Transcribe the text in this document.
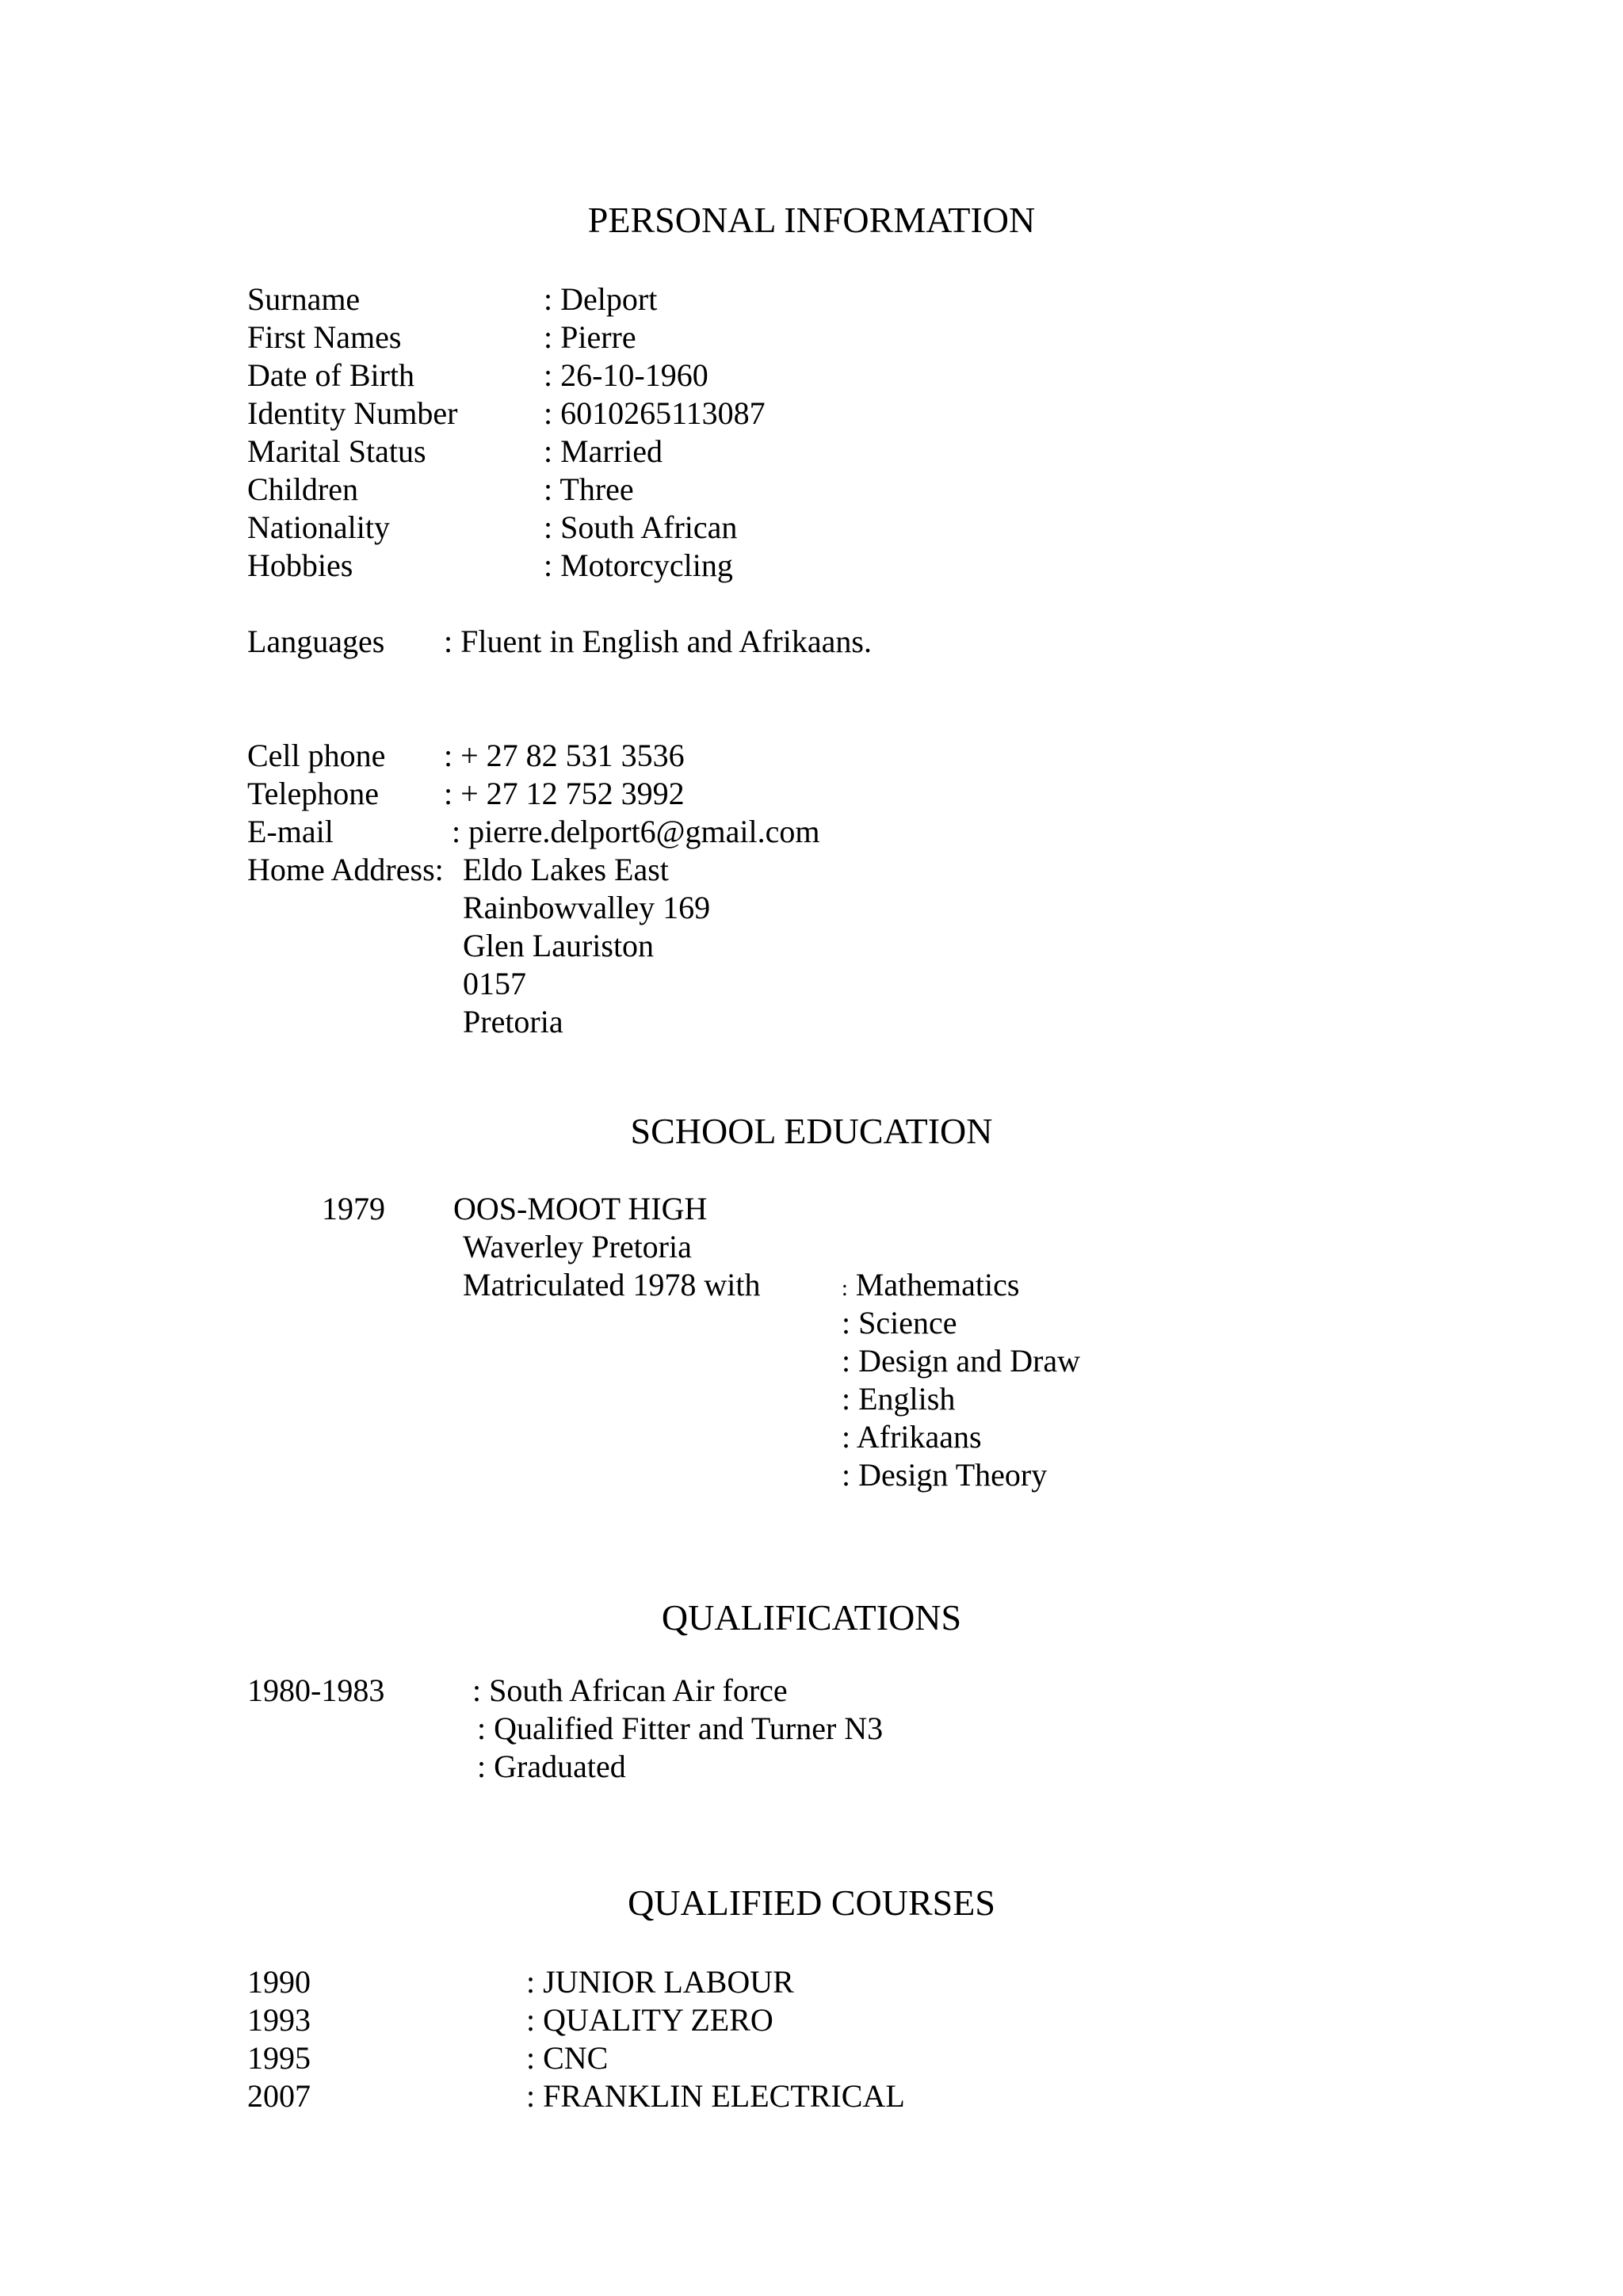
PERSONAL INFORMATION
Surname	: Delport
First Names	: Pierre
Date of Birth	: 26-10-1960
Identity Number	: 6010265113087
Marital Status	: Married
Children	: Three
Nationality	: South African
Hobbies	: Motorcycling
Languages : Fluent in English and Afrikaans.
Cell phone : + 27 82 531 3536
Telephone : + 27 12 752 3992
E-mail	: pierre.delport6@gmail.com
Home Address: Eldo Lakes East
Rainbowvalley 169
Glen Lauriston
0157
Pretoria
SCHOOL EDUCATION
1979 OOS-MOOT HIGH
Waverley Pretoria
Matriculated 1978 with	: Mathematics
: Science
: Design and Draw
: English
: Afrikaans
: Design Theory
QUALIFICATIONS
1980-1983	: South African Air force
: Qualified Fitter and Turner N3
: Graduated
QUALIFIED COURSES
1990	: JUNIOR LABOUR
1993	: QUALITY ZERO
1995	: CNC
2007	: FRANKLIN ELECTRICAL
